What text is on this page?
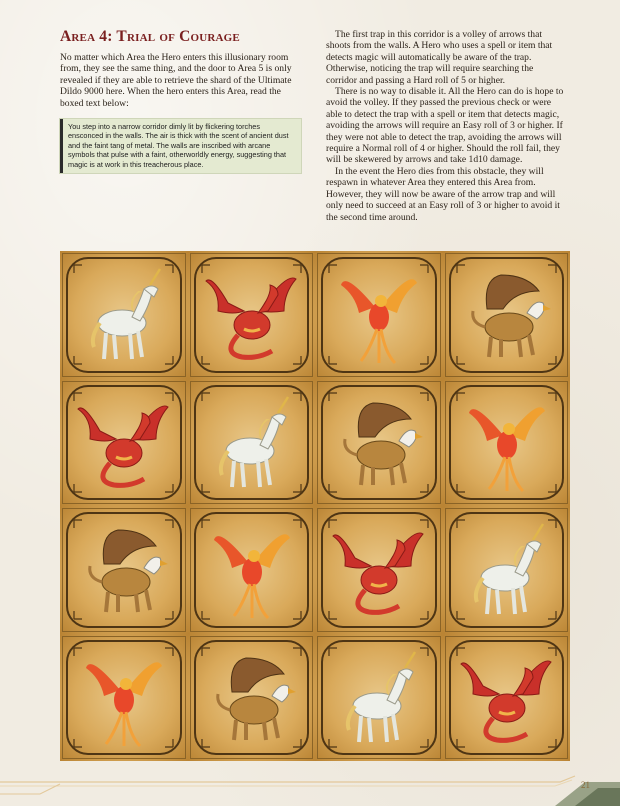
Area 4: Trial of Courage

No matter which Area the Hero enters this illusionary room from, they see the same thing, and the door to Area 5 is only revealed if they are able to retrieve the shard of the Ultimate Dildo 9000 here. When the hero enters this Area, read the boxed text below:

You step into a narrow corridor dimly lit by flickering torches ensconced in the walls. The air is thick with the scent of ancient dust and the faint tang of metal. The walls are inscribed with arcane symbols that pulse with a faint, otherworldly energy, suggesting that magic is at work in this treacherous place.

The first trap in this corridor is a volley of arrows that shoots from the walls. A Hero who uses a spell or item that detects magic will automatically be aware of the trap. Otherwise, noticing the trap will require searching the corridor and passing a Hard roll of 5 or higher.

There is no way to disable it. All the Hero can do is hope to avoid the volley. If they passed the previous check or were able to detect the trap with a spell or item that detects magic, avoiding the arrows will require an Easy roll of 3 or higher. If they were not able to detect the trap, avoiding the arrows will require a Normal roll of 4 or higher. Should the roll fail, they will be skewered by arrows and take 1d10 damage.

In the event the Hero dies from this obstacle, they will respawn in whatever Area they entered this Area from. However, they will now be aware of the arrow trap and will only need to succeed at an Easy roll of 3 or higher to avoid it the second time around.

21
